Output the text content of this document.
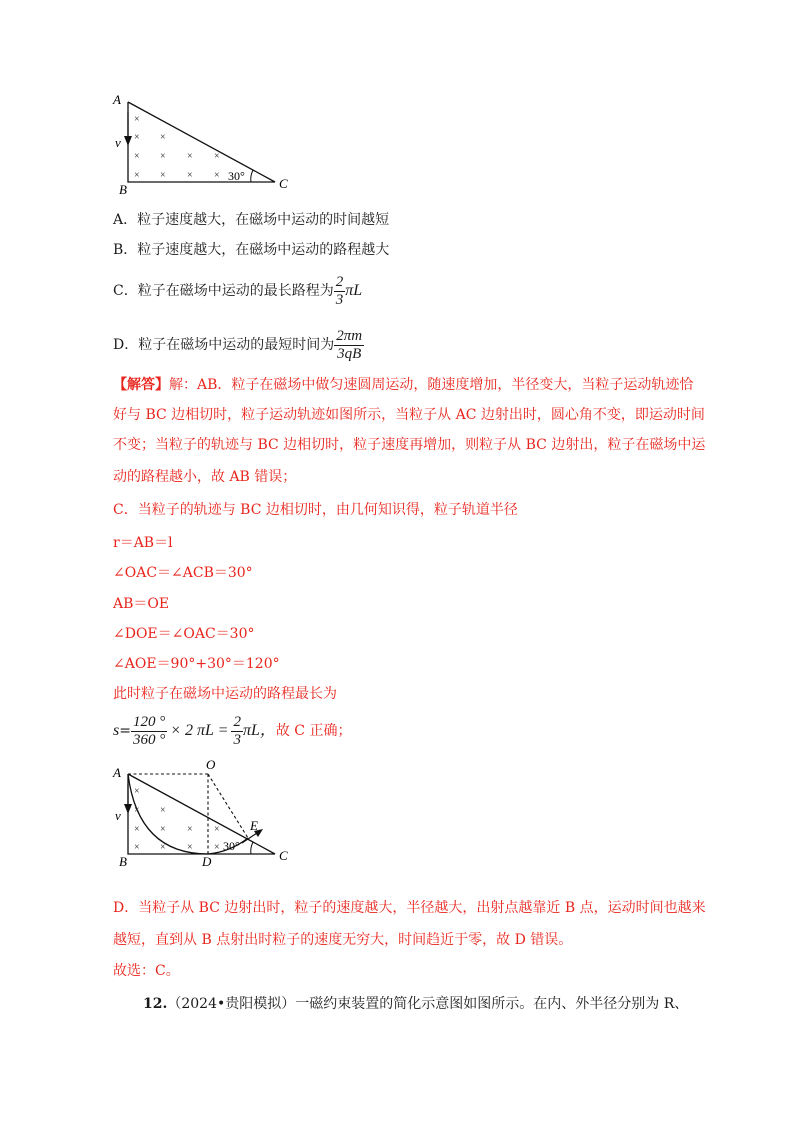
A
v
B	C
30°
×
× ×
× × × ×
× × × ×
A．粒子速度越大，在磁场中运动的时间越短
B．粒子速度越大，在磁场中运动的路程越大
C．粒子在磁场中运动的最长路程为 $\frac{2}{3}$ πL
D．粒子在磁场中运动的最短时间为 $\frac{2\pi m}{3qB}$
【解答】解：AB．粒子在磁场中做匀速圆周运动，随速度增加，半径变大，当粒子运动轨迹恰
好与 BC 边相切时，粒子运动轨迹如图所示，当粒子从 AC 边射出时，圆心角不变，即运动时间
不变；当粒子的轨迹与 BC 边相切时，粒子速度再增加，则粒子从 BC 边射出，粒子在磁场中运
动的路程越小，故 AB 错误；
C．当粒子的轨迹与 BC 边相切时，由几何知识得，粒子轨道半径
r＝AB＝l
∠OAC＝∠ACB＝30°
AB＝OE
∠DOE＝∠OAC＝30°
∠AOE＝90°+30°＝120°
此时粒子在磁场中运动的路程最长为
$s= \frac{120 ^\circ}{360 ^\circ} \times 2$ $\pi L = \frac{2}{3}$ πL，故 C 正确；
A
O
v
B	D
E
C
30°
×
× ×
× × × ×
× × × ×
D．当粒子从 BC 边射出时，粒子的速度越大，半径越大，出射点越靠近 B 点，运动时间也越来
越短，直到从 B 点射出时粒子的速度无穷大，时间趋近于零，故 D 错误。
故选：C。
12.（2024•贵阳模拟）一磁约束装置的简化示意图如图所示。在内、外半径分别为 R、
